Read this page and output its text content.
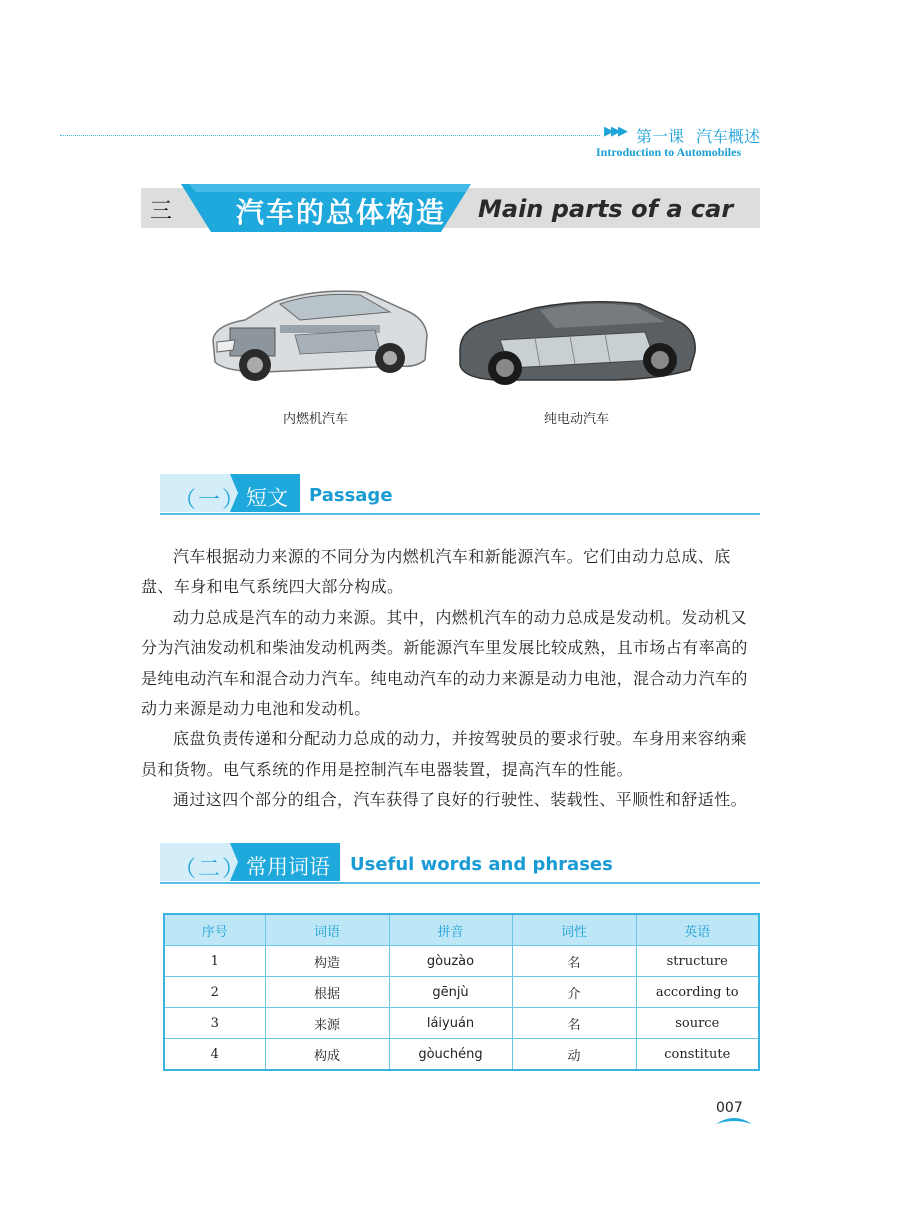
▶▶▶ 第一课 汽车概述
Introduction to Automobiles
三 汽车的总体构造 Main parts of a car
内燃机汽车	纯电动汽车
（一） 短文 Passage

汽车根据动力来源的不同分为内燃机汽车和新能源汽车。它们由动力总成、底盘、车身和电气系统四大部分构成。

动力总成是汽车的动力来源。其中，内燃机汽车的动力总成是发动机。发动机又分为汽油发动机和柴油发动机两类。新能源汽车里发展比较成熟，且市场占有率高的是纯电动汽车和混合动力汽车。纯电动汽车的动力来源是动力电池，混合动力汽车的动力来源是动力电池和发动机。

底盘负责传递和分配动力总成的动力，并按驾驶员的要求行驶。车身用来容纳乘员和货物。电气系统的作用是控制汽车电器装置，提高汽车的性能。

通过这四个部分的组合，汽车获得了良好的行驶性、装载性、平顺性和舒适性。

（二） 常用词语 Useful words and phrases
序号	词语	拼音	词性	英语
1	构造	gòuzào	名	structure
2	根据	gēnjù	介	according to
3	来源	láiyuán	名	source
4	构成	gòuchéng	动	constitute
007
